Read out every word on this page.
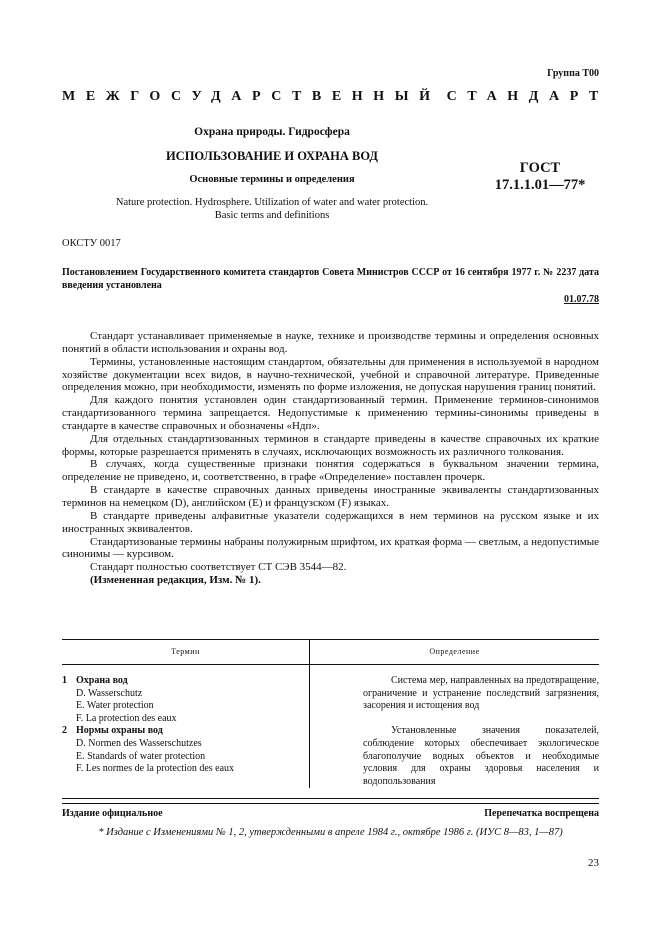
Группа Т00
МЕЖГОСУДАРСТВЕННЫЙ СТАНДАРТ
Охрана природы. Гидросфера
ИСПОЛЬЗОВАНИЕ И ОХРАНА ВОД
Основные термины и определения
Nature protection. Hydrosphere. Utilization of water and water protection.
Basic terms and definitions
ГОСТ
17.1.1.01—77*
ОКСТУ 0017
Постановлением Государственного комитета стандартов Совета Министров СССР от 16 сентября 1977 г. № 2237 дата введения установлена
01.07.78

Стандарт устанавливает применяемые в науке, технике и производстве термины и определения основных понятий в области использования и охраны вод.

Термины, установленные настоящим стандартом, обязательны для применения в используемой в народном хозяйстве документации всех видов, в научно-технической, учебной и справочной литературе. Приведенные определения можно, при необходимости, изменять по форме изложения, не допуская нарушения границ понятий.

Для каждого понятия установлен один стандартизованный термин. Применение терминов-синонимов стандартизованного термина запрещается. Недопустимые к применению термины-синонимы приведены в стандарте в качестве справочных и обозначены «Ндп».

Для отдельных стандартизованных терминов в стандарте приведены в качестве справочных их краткие формы, которые разрешается применять в случаях, исключающих возможность их различного толкования.

В случаях, когда существенные признаки понятия содержаться в буквальном значении термина, определение не приведено, и, соответственно, в графе «Определение» поставлен прочерк.

В стандарте в качестве справочных данных приведены иностранные эквиваленты стандартизованных терминов на немецком (D), английском (E) и французском (F) языках.

В стандарте приведены алфавитные указатели содержащихся в нем терминов на русском языке и их иностранных эквивалентов.

Стандартизованые термины набраны полужирным шрифтом, их краткая форма — светлым, а недопустимые синонимы — курсивом.

Стандарт полностью соответствует СТ СЭВ 3544—82.

(Измененная редакция, Изм. № 1).

Термин	Определение

1 Охрана вод
D. Wasserschutz
E. Water protection
F. La protection des eaux	Система мер, направленных на предотвращение, ограничение и устранение последствий загрязнения, засорения и истощения вод

2 Нормы охраны вод
D. Normen des Wasserschutzes
E. Standards of water protection
F. Les normes de la protection des eaux	Установленные значения показателей, соблюдение которых обеспечивает экологическое благополучие водных объектов и необходимые условия для охраны здоровья населения и водопользования

Издание официальное	Перепечатка воспрещена
* Издание с Изменениями № 1, 2, утвержденными в апреле 1984 г., октябре 1986 г. (ИУС 8—83, 1—87)
23
